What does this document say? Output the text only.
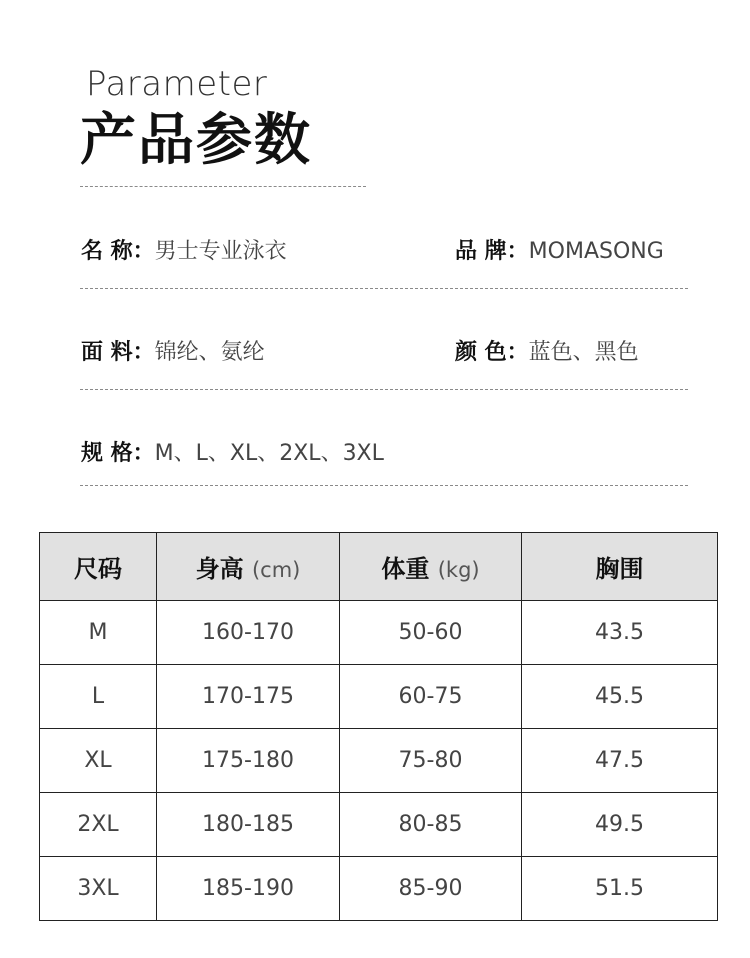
Parameter
产品参数
名 称：男士专业泳衣	品 牌：MOMASONG
面 料：锦纶、氨纶	颜 色：蓝色、黑色
规 格：M、L、XL、2XL、3XL
尺码	身高 (cm)	体重 (kg)	胸围
M	160-170	50-60	43.5
L	170-175	60-75	45.5
XL	175-180	75-80	47.5
2XL	180-185	80-85	49.5
3XL	185-190	85-90	51.5
